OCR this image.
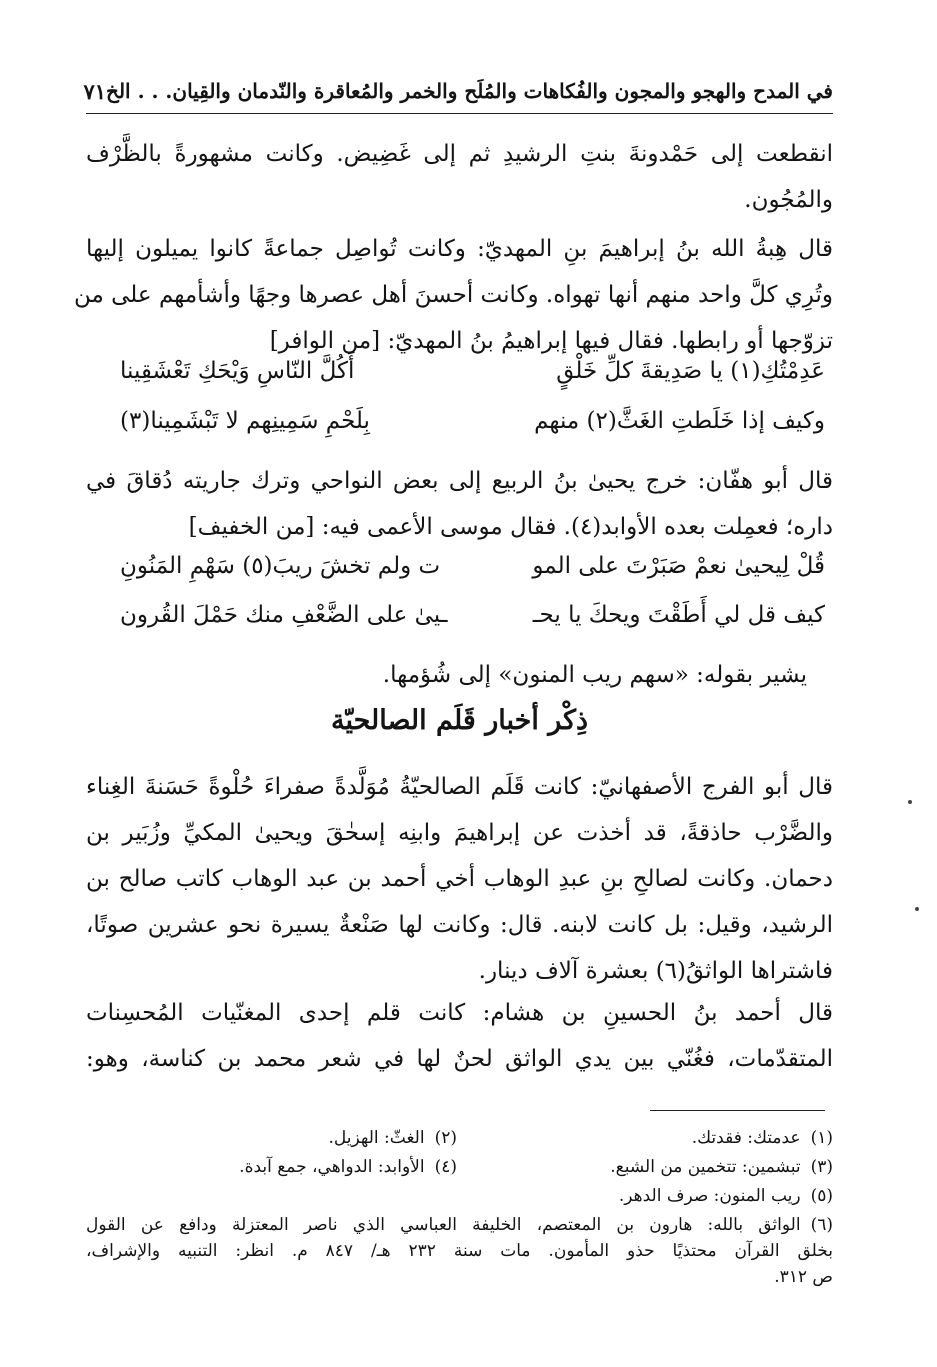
في المدح والهجو والمجون والفُكاهات والمُلَح والخمر والمُعاقرة والنّدمان والقِيان. . . الخ
٧١
انقطعت إلى حَمْدونةَ بنتِ الرشيدِ ثم إلى غَضِيض. وكانت مشهورةً بالظَّرْف
والمُجُون.
قال هِبةُ الله بنُ إبراهيمَ بنِ المهديّ: وكانت تُواصِل جماعةً كانوا يميلون إليها
وتُرِي كلَّ واحد منهم أنها تهواه. وكانت أحسنَ أهل عصرها وجهًا وأشأمهم على من
تزوّجها أو رابطها. فقال فيها إبراهيمُ بنُ المهديّ: [من الوافر]
عَدِمْتُكِ(١) يا صَدِيقةَ كلِّ خَلْقٍ
أَكُلَّ النّاسِ وَيْحَكِ تَعْشَقِينا
وكيف إذا خَلَطتِ الغَثَّ(٢) منهم
بِلَحْمِ سَمِينِهم لا تَبْشَمِينا(٣)
قال أبو هفّان: خرج يحيىٰ بنُ الربيع إلى بعض النواحي وترك جاريته دُقاقَ في
داره؛ فعمِلت بعده الأوابد(٤). فقال موسى الأعمى فيه: [من الخفيف]
قُلْ لِيحيىٰ نعمْ صَبَرْتَ على المو
ت ولم تخشَ ريبَ(٥) سَهْمِ المَنُونِ
كيف قل لي أَطَقْتَ ويحكَ يا يحـ
ـيىٰ على الضَّعْفِ منك حَمْلَ القُرون
يشير بقوله: «سهم ريب المنون» إلى شُؤمها.
ذِكْر أخبار قَلَم الصالحيّة
قال أبو الفرج الأصفهانيّ: كانت قَلَم الصالحيّةُ مُوَلَّدةً صفراءَ حُلْوةً حَسَنةَ الغِناء
والضَّرْب حاذقةً، قد أخذت عن إبراهيمَ وابنِه إسحٰقَ ويحيىٰ المكيِّ وزُبَير بن
دحمان. وكانت لصالحِ بنِ عبدِ الوهاب أخي أحمد بن عبد الوهاب كاتب صالح بن
الرشيد، وقيل: بل كانت لابنه. قال: وكانت لها صَنْعةٌ يسيرة نحو عشرين صوتًا،
فاشتراها الواثقُ(٦) بعشرة آلاف دينار.
قال أحمد بنُ الحسينِ بن هشام: كانت قلم إحدى المغنّيات المُحسِنات
المتقدّمات، فغُنّي بين يدي الواثق لحنٌ لها في شعر محمد بن كناسة، وهو:
(١)عدمتك: فقدتك.
(٢)الغثّ: الهزيل.
(٣)تبشمين: تتخمين من الشبع.
(٤)الأوابد: الدواهي، جمع آبدة.
(٥)ريب المنون: صرف الدهر.
(٦)
الواثق بالله: هارون بن المعتصم، الخليفة العباسي الذي ناصر المعتزلة ودافع عن القول
بخلق القرآن محتذيًا حذو المأمون. مات سنة ٢٣٢ هـ/ ٨٤٧ م. انظر: التنبيه والإشراف،
ص ٣١٢.
